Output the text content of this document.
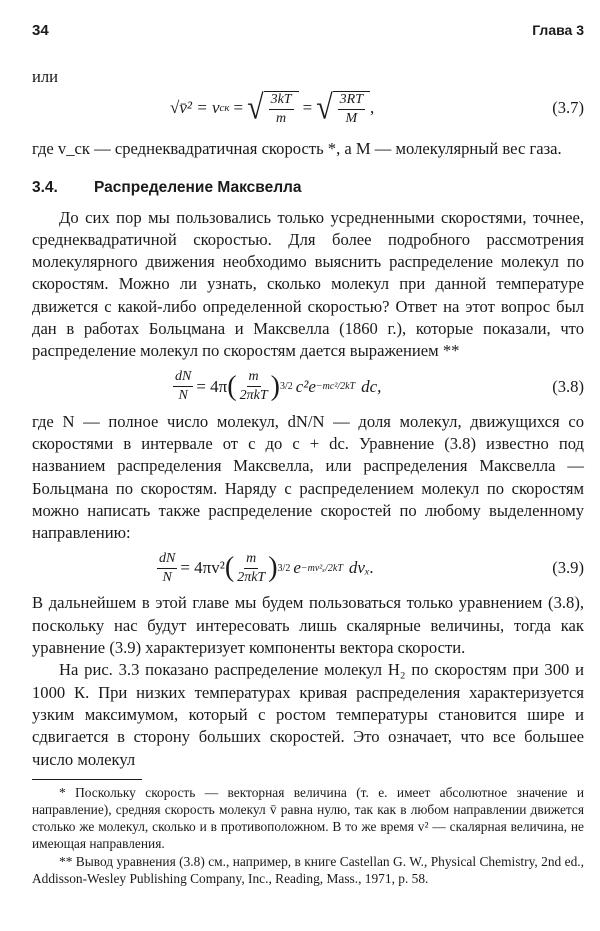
34	Глава 3

или

√v̄² = v ск = √ $\frac{3kT}{m}$ = √ $\frac{3RT}{M}$ ,	(3.7)

где v_ск — среднеквадратичная скорость *, а M — молекулярный вес газа.

3.4.	Распределение Максвелла

До сих пор мы пользовались только усредненными скоростями, точнее, среднеквадратичной скоростью. Для более подробного рассмотрения молекулярного движения необходимо выяснить распределение молекул по скоростям. Можно ли узнать, сколько молекул при данной температуре движется с какой-либо определенной скоростью? Ответ на этот вопрос был дан в работах Больцмана и Максвелла (1860 г.), которые показали, что распределение молекул по скоростям дается выражением **

$\frac{dN}{N} = 4\pi$ ( $\frac{m}{\text{2πkT}}$ ) 3/2 c²e −mc²/2kT dc,	(3.8)

где N — полное число молекул, dN/N — доля молекул, движущихся со скоростями в интервале от c до c + dc. Уравнение (3.8) известно под названием распределения Максвелла, или распределения Максвелла — Больцмана по скоростям. Наряду с распределением молекул по скоростям можно написать также распределение скоростей по любому выделенному направлению:

$\frac{dN}{N} = 4\pi v^2$ ( $\frac{m}{\text{2πkT}}$ ) 3/2 e −mv²ₓ/2kT dvₓ.	(3.9)

В дальнейшем в этой главе мы будем пользоваться только уравнением (3.8), поскольку нас будут интересовать лишь скалярные величины, тогда как уравнение (3.9) характеризует компоненты вектора скорости.

На рис. 3.3 показано распределение молекул H₂ по скоростям при 300 и 1000 К. При низких температурах кривая распределения характеризуется узким максимумом, который с ростом температуры становится шире и сдвигается в сторону больших скоростей. Это означает, что все большее число молекул

* Поскольку скорость — векторная величина (т. е. имеет абсолютное значение и направление), средняя скорость молекул v̄ равна нулю, так как в любом направлении движется столько же молекул, сколько и в противоположном. В то же время v² — скалярная величина, не имеющая направления.

** Вывод уравнения (3.8) см., например, в книге Castellan G. W., Physical Chemistry, 2nd ed., Addisson-Wesley Publishing Company, Inc., Reading, Mass., 1971, p. 58.
